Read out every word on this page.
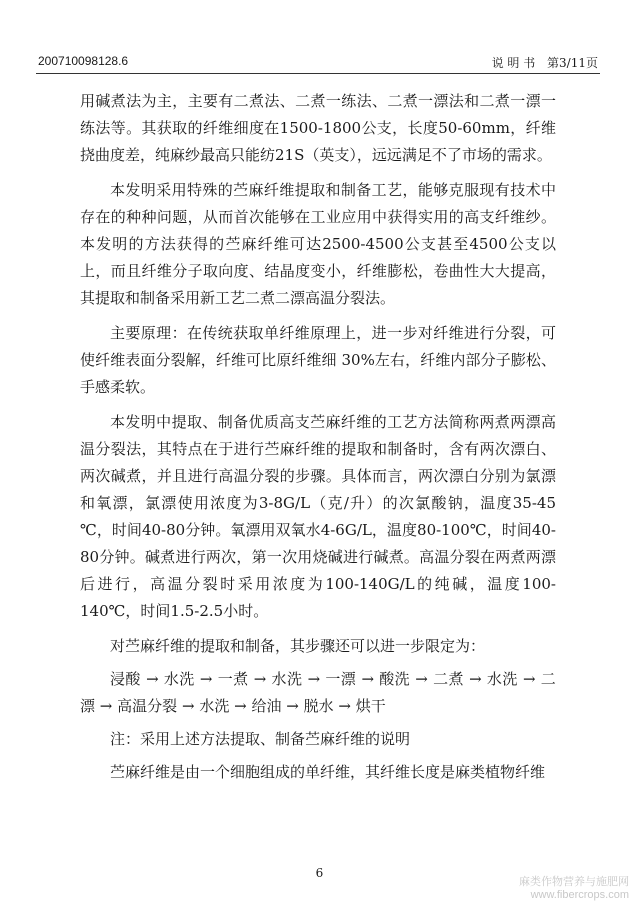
200710098128.6	说 明 书 第3/11页

用碱煮法为主，主要有二煮法、二煮一练法、二煮一漂法和二煮一漂一练法等。其获取的纤维细度在1500-1800公支，长度50-60mm，纤维挠曲度差，纯麻纱最高只能纺21S（英支），远远满足不了市场的需求。

本发明采用特殊的苎麻纤维提取和制备工艺，能够克服现有技术中存在的种种问题，从而首次能够在工业应用中获得实用的高支纤维纱。本发明的方法获得的苎麻纤维可达2500-4500公支甚至4500公支以上，而且纤维分子取向度、结晶度变小，纤维膨松，卷曲性大大提高，其提取和制备采用新工艺二煮二漂高温分裂法。

主要原理：在传统获取单纤维原理上，进一步对纤维进行分裂，可使纤维表面分裂解，纤维可比原纤维细 30%左右，纤维内部分子膨松、手感柔软。

本发明中提取、制备优质高支苎麻纤维的工艺方法简称两煮两漂高温分裂法，其特点在于进行苎麻纤维的提取和制备时，含有两次漂白、两次碱煮，并且进行高温分裂的步骤。具体而言，两次漂白分别为氯漂和氧漂，氯漂使用浓度为3-8G/L（克/升）的次氯酸钠，温度35-45 ℃，时间40-80分钟。氧漂用双氧水4-6G/L，温度80-100℃，时间40-80分钟。碱煮进行两次，第一次用烧碱进行碱煮。高温分裂在两煮两漂后进行，高温分裂时采用浓度为100-140G/L的纯碱，温度100-140℃，时间1.5-2.5小时。

对苎麻纤维的提取和制备，其步骤还可以进一步限定为：

浸酸 → 水洗 → 一煮 → 水洗 → 一漂 → 酸洗 → 二煮 → 水洗 → 二漂 → 高温分裂 → 水洗 → 给油 → 脱水 → 烘干

注：采用上述方法提取、制备苎麻纤维的说明

苎麻纤维是由一个细胞组成的单纤维，其纤维长度是麻类植物纤维

6
麻类作物营养与施肥网
www.fibercrops.com
